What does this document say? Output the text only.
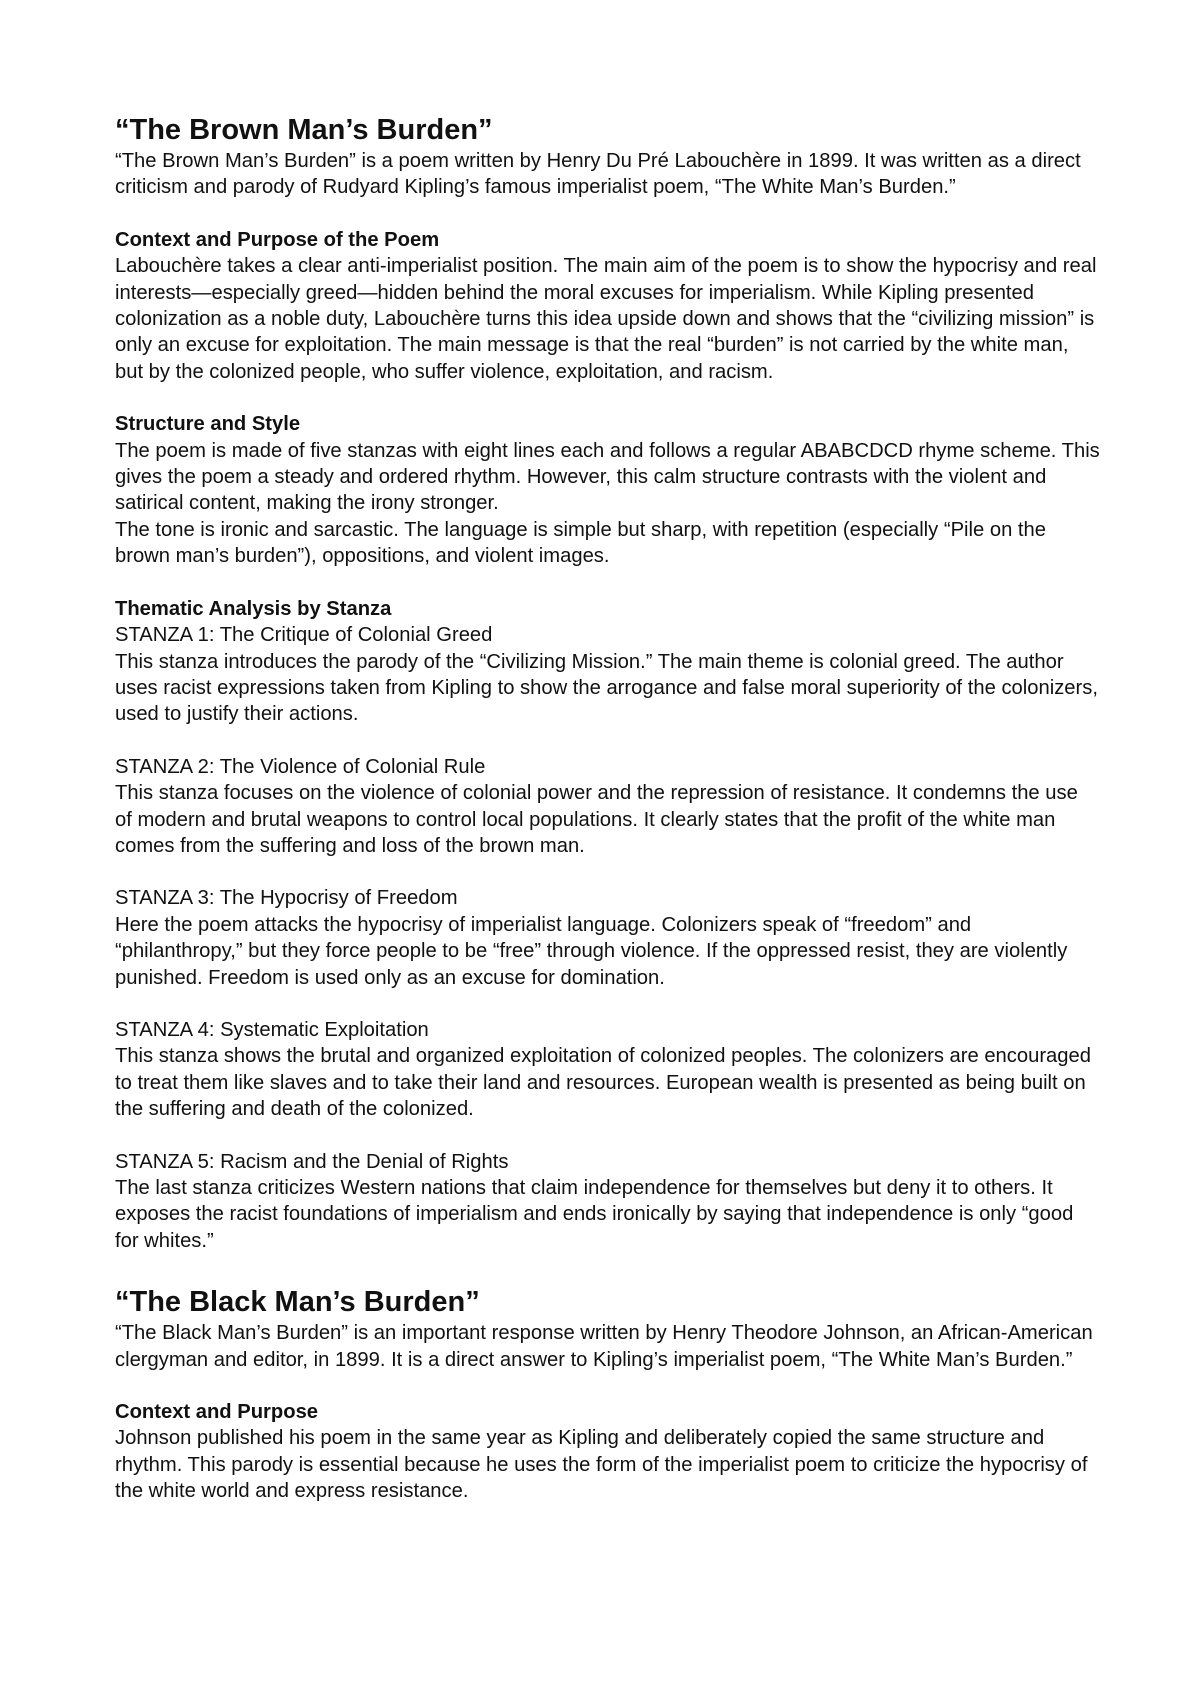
“The Brown Man’s Burden”

“The Brown Man’s Burden” is a poem written by Henry Du Pré Labouchère in 1899. It was written as a direct criticism and parody of Rudyard Kipling’s famous imperialist poem, “The White Man’s Burden.”

Context and Purpose of the Poem

Labouchère takes a clear anti-imperialist position. The main aim of the poem is to show the hypocrisy and real interests—especially greed—hidden behind the moral excuses for imperialism. While Kipling presented colonization as a noble duty, Labouchère turns this idea upside down and shows that the “civilizing mission” is only an excuse for exploitation. The main message is that the real “burden” is not carried by the white man, but by the colonized people, who suffer violence, exploitation, and racism.

Structure and Style

The poem is made of five stanzas with eight lines each and follows a regular ABABCDCD rhyme scheme. This gives the poem a steady and ordered rhythm. However, this calm structure contrasts with the violent and satirical content, making the irony stronger.

The tone is ironic and sarcastic. The language is simple but sharp, with repetition (especially “Pile on the brown man’s burden”), oppositions, and violent images.

Thematic Analysis by Stanza

STANZA 1: The Critique of Colonial Greed

This stanza introduces the parody of the “Civilizing Mission.” The main theme is colonial greed. The author uses racist expressions taken from Kipling to show the arrogance and false moral superiority of the colonizers, used to justify their actions.

STANZA 2: The Violence of Colonial Rule

This stanza focuses on the violence of colonial power and the repression of resistance. It condemns the use of modern and brutal weapons to control local populations. It clearly states that the profit of the white man comes from the suffering and loss of the brown man.

STANZA 3: The Hypocrisy of Freedom

Here the poem attacks the hypocrisy of imperialist language. Colonizers speak of “freedom” and “philanthropy,” but they force people to be “free” through violence. If the oppressed resist, they are violently punished. Freedom is used only as an excuse for domination.

STANZA 4: Systematic Exploitation

This stanza shows the brutal and organized exploitation of colonized peoples. The colonizers are encouraged to treat them like slaves and to take their land and resources. European wealth is presented as being built on the suffering and death of the colonized.

STANZA 5: Racism and the Denial of Rights

The last stanza criticizes Western nations that claim independence for themselves but deny it to others. It exposes the racist foundations of imperialism and ends ironically by saying that independence is only “good for whites.”

“The Black Man’s Burden”

“The Black Man’s Burden” is an important response written by Henry Theodore Johnson, an African-American clergyman and editor, in 1899. It is a direct answer to Kipling’s imperialist poem, “The White Man’s Burden.”

Context and Purpose

Johnson published his poem in the same year as Kipling and deliberately copied the same structure and rhythm. This parody is essential because he uses the form of the imperialist poem to criticize the hypocrisy of the white world and express resistance.
